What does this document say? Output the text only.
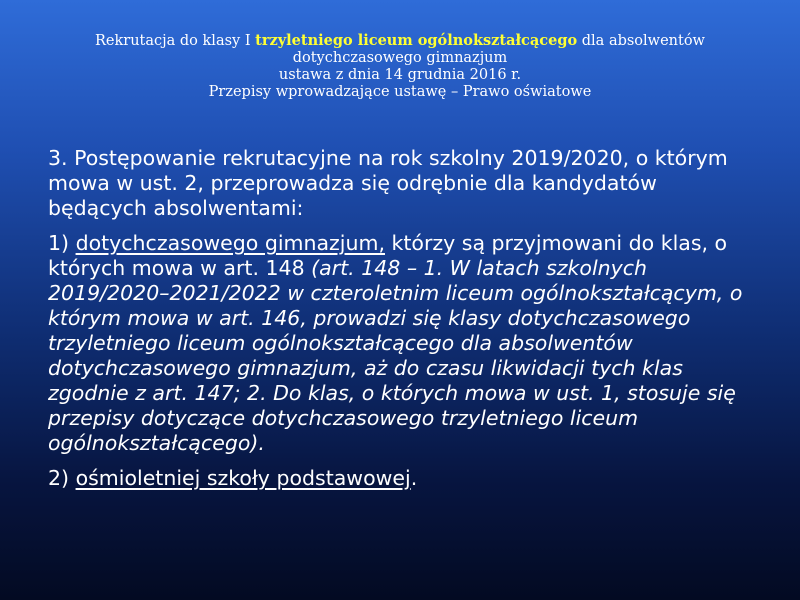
Rekrutacja do klasy I trzyletniego liceum ogólnokształcącego dla absolwentów
dotychczasowego gimnazjum
ustawa z dnia 14 grudnia 2016 r.
Przepisy wprowadzające ustawę – Prawo oświatowe

3. Postępowanie rekrutacyjne na rok szkolny 2019/2020, o którym mowa w ust. 2, przeprowadza się odrębnie dla kandydatów będących absolwentami:

1) dotychczasowego gimnazjum, którzy są przyjmowani do klas, o których mowa w art. 148 (art. 148 – 1. W latach szkolnych 2019/2020–2021/2022 w czteroletnim liceum ogólnokształcącym, o którym mowa w art. 146, prowadzi się klasy dotychczasowego trzyletniego liceum ogólnokształcącego dla absolwentów dotychczasowego gimnazjum, aż do czasu likwidacji tych klas zgodnie z art. 147; 2. Do klas, o których mowa w ust. 1, stosuje się przepisy dotyczące dotychczasowego trzyletniego liceum ogólnokształcącego).

2) ośmioletniej szkoły podstawowej.
